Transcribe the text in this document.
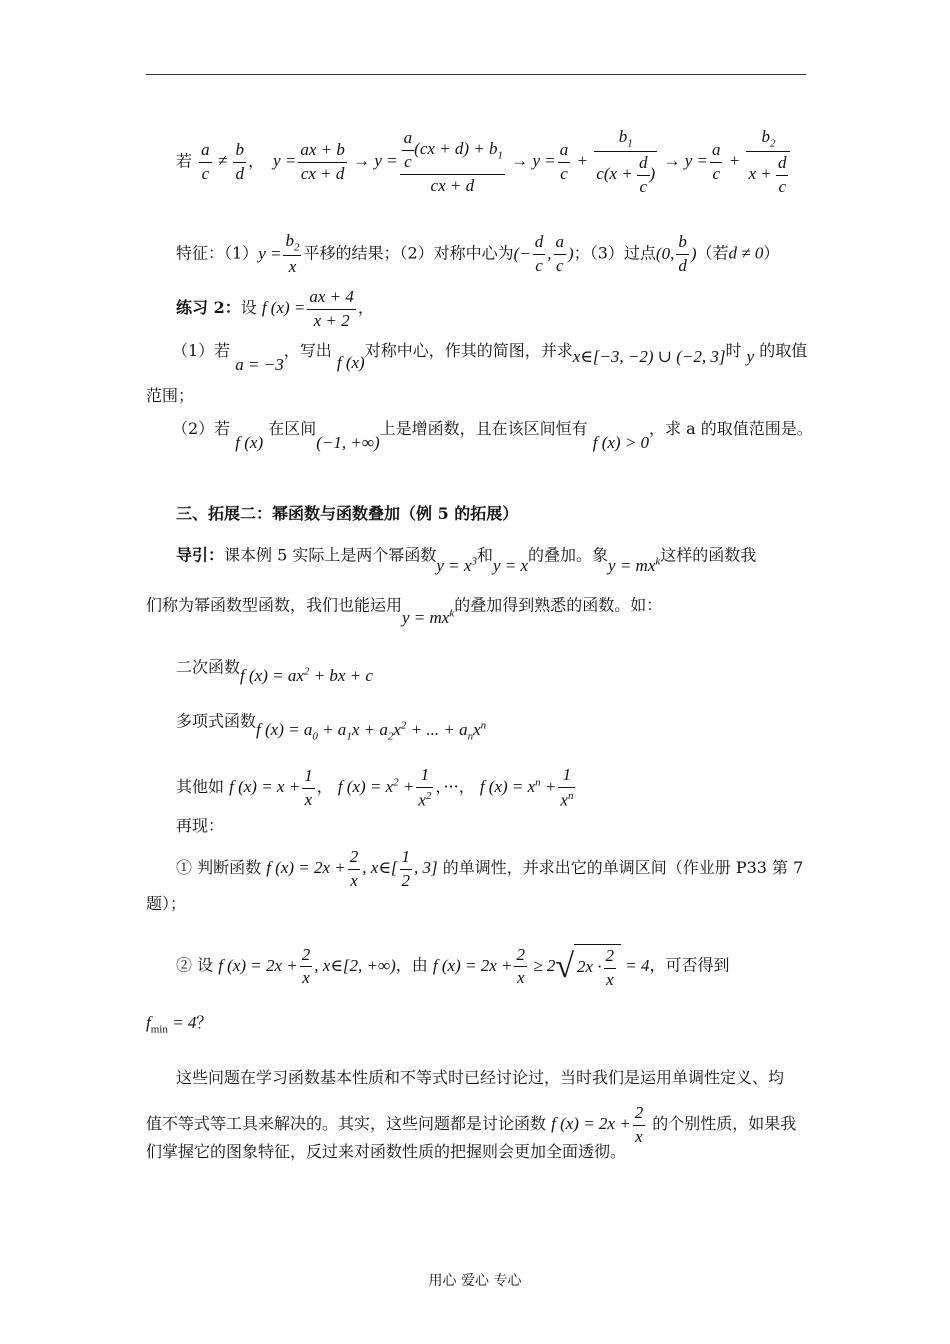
若 $\frac{a}{c} \ne \frac{b}{d}$ ， $y = \frac{ax + b}{cx + d} \to y = \frac{\frac{a}{c} (cx + d) + b_1}{cx + d} \to y = \frac{a}{c} + \frac{b_1}{c(x + \frac{d}{c} )} \to y = \frac{a}{c} + \frac{b_2}{x + \frac{d}{c}}$
特征：$(1)y = \frac{b_2}{x}$ 平移的结果；（2）对称中心为(− $\frac{d}{c}$ , $\frac{a}{c}$ )；（3）过点(0, $\frac{b}{d}$ )（若d ≠ 0）
练习 2：设 f $(x) = \frac{ax + 4}{x + 2}$ ，
（1）若 a = −3，写出 f (x)对称中心，作其的简图，并求x∈[−3, −2) ∪ (−2, 3]时 y 的取值
范围；
（2）若 f (x) 在区间(−1, +∞)上是增函数，且在该区间恒有 f (x) > 0，求 a 的取值范围是。
三、拓展二：幂函数与函数叠加（例 5 的拓展）
导引：课本例 5 实际上是两个幂函数$y = x^3$和y = x的叠加。象$y = mx^k$这样的函数我
们称为幂函数型函数，我们也能运用$y = mx^k$的叠加得到熟悉的函数。如：
二次函数f $(x) = ax^2$ + bx + c
多项式函数f $(x) = a_0 + a_1x + a_2x^2$ + ... + $a_nx^n$
其他如 f $(x) = x + \frac{1}{x}$ ， f $(x) = x^2 + \frac{1}{x^2}$ ，···， f $(x) = x^n + \frac{1}{x^n}$
再现：
① 判断函数 f $(x) = 2x + \frac{2}{x}$ , x∈[ $\frac{1}{2}$ , 3] 的单调性，并求出它的单调区间（作业册 P33 第 7
题）；
② 设 f $(x) = 2x + \frac{2}{x}$ , x∈[2, +∞)，由 f $(x) = 2x + \frac{2}{x} \ge 2√$ $2x \cdot \frac{2}{x} = 4$，可否得到
$f_{min} = 4$？
这些问题在学习函数基本性质和不等式时已经讨论过，当时我们是运用单调性定义、均
值不等式等工具来解决的。其实，这些问题都是讨论函数 f $(x) = 2x + \frac{2}{x}$ 的个别性质，如果我
们掌握它的图象特征，反过来对函数性质的把握则会更加全面透彻。
用心 爱心 专心
